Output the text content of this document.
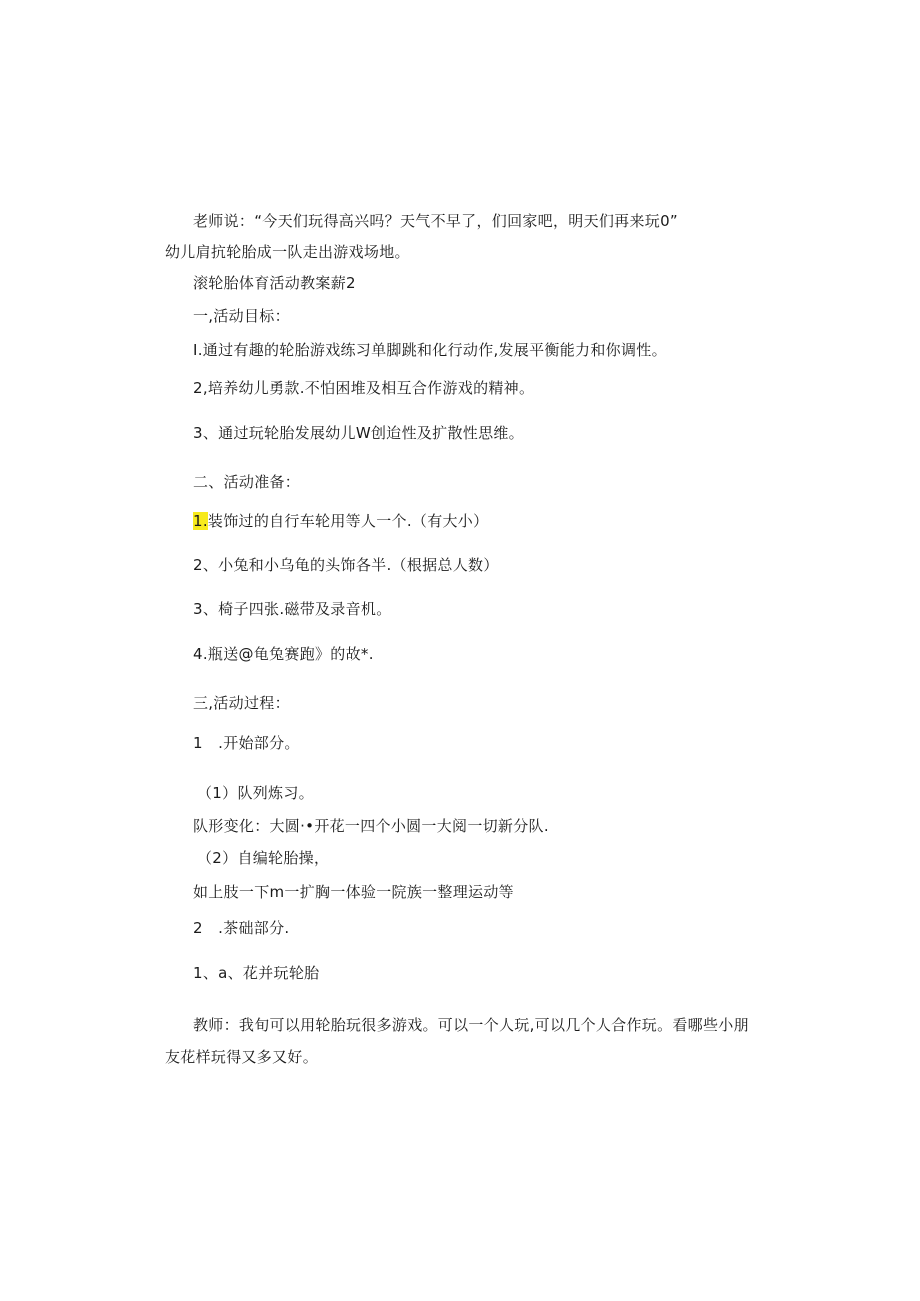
老师说：“今天们玩得高兴吗？天气不早了，们回家吧，明天们再来玩0”
幼儿肩抗轮胎成一队走出游戏场地。
滚轮胎体育活动教案薪2
一,活动目标：
I.通过有趣的轮胎游戏练习单脚跳和化行动作,发展平衡能力和你调性。
2,培养幼儿勇款.不怕困堆及相互合作游戏的精神。
3、通过玩轮胎发展幼儿W创迨性及扩散性思维。
二、活动准备：
1.装饰过的自行车轮用等人一个.（有大小）
2、小兔和小乌龟的头饰各半.（根据总人数）
3、椅子四张.磁带及录音机。
4.瓶送@龟兔赛跑》的故*.
三,活动过程：
1　.开始部分。
（1）队列炼习。
队形变化：大圆·•开花一四个小圆一大阅一切新分队.
（2）自编轮胎操，
如上肢一下m一扩胸一体验一院族一整理运动等
2　.茶础部分.
1、a、花并玩轮胎
教师：我旬可以用轮胎玩很多游戏。可以一个人玩,可以几个人合作玩。看哪些小朋
友花样玩得又多又好。
